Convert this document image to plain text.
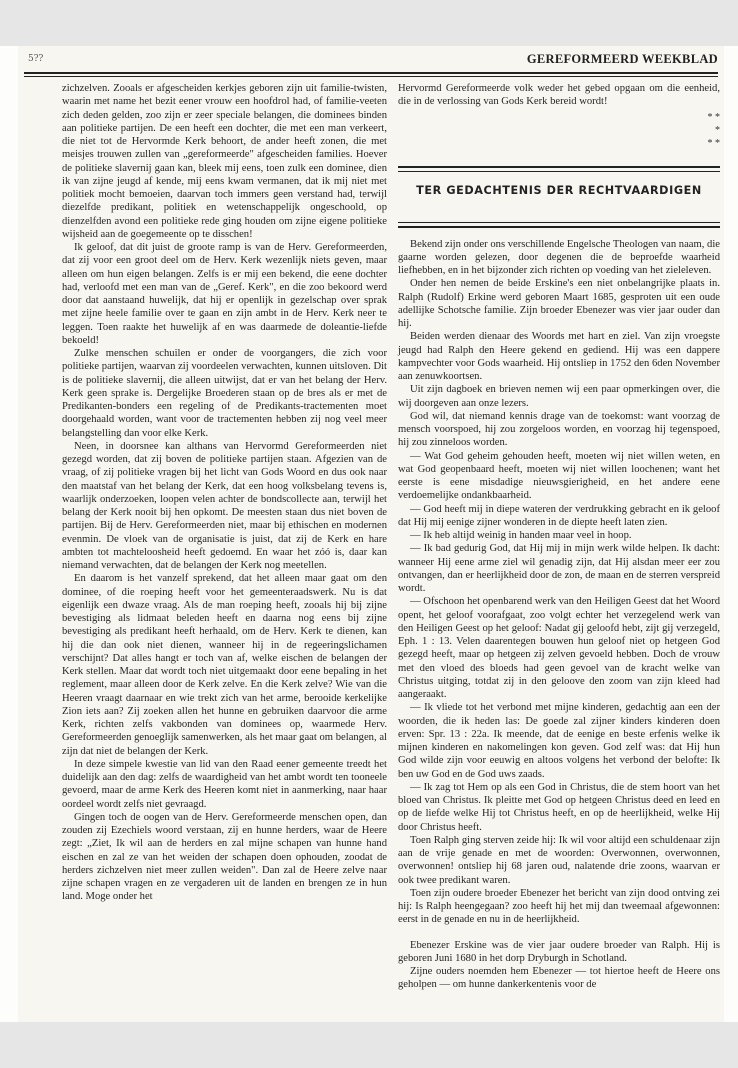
5??	GEREFORMEERD WEEKBLAD

zichzelven. Zooals er afgescheiden kerkjes geboren zijn uit familie-twisten, waarin met name het bezit eener vrouw een hoofdrol had, of familie-veeten zich deden gelden, zoo zijn er zeer speciale belangen, die dominees binden aan politieke partijen. De een heeft een dochter, die met een man verkeert, die niet tot de Hervormde Kerk behoort, de ander heeft zonen, die met meisjes trouwen zullen van „gereformeerde" afgescheiden families. Hoever de politieke slavernij gaan kan, bleek mij eens, toen zulk een dominee, dien ik van zijne jeugd af kende, mij eens kwam vermanen, dat ik mij niet met politiek mocht bemoeien, daarvan toch immers geen verstand had, terwijl diezelfde predikant, politiek en wetenschappelijk ongeschoold, op dienzelfden avond een politieke rede ging houden om zijne eigene politieke wijsheid aan de goegemeente op te disschen!

Ik geloof, dat dit juist de groote ramp is van de Herv. Gereformeerden, dat zij voor een groot deel om de Herv. Kerk wezenlijk niets geven, maar alleen om hun eigen belangen. Zelfs is er mij een bekend, die eene dochter had, verloofd met een man van de „Geref. Kerk", en die zoo bekoord werd door dat aanstaand huwelijk, dat hij er openlijk in gezelschap over sprak met zijne heele familie over te gaan en zijn ambt in de Herv. Kerk neer te leggen. Toen raakte het huwelijk af en was daarmede de doleantie-liefde bekoeld!

Zulke menschen schuilen er onder de voorgangers, die zich voor politieke partijen, waarvan zij voordeelen verwachten, kunnen uitsloven. Dit is de politieke slavernij, die alleen uitwijst, dat er van het belang der Herv. Kerk geen sprake is. Dergelijke Broederen staan op de bres als er met de Predikanten-bonders een regeling of de Predikants-tractementen moet doorgehaald worden, want voor de tractementen hebben zij nog veel meer belangstelling dan voor elke Kerk.

Neen, in doorsnee kan althans van Hervormd Gereformeerden niet gezegd worden, dat zij boven de politieke partijen staan. Afgezien van de vraag, of zij politieke vragen bij het licht van Gods Woord en dus ook naar den maatstaf van het belang der Kerk, dat een hoog volksbelang tevens is, waarlijk onderzoeken, loopen velen achter de bondscollecte aan, terwijl het belang der Kerk nooit bij hen opkomt. De meesten staan dus niet boven de partijen. Bij de Herv. Gereformeerden niet, maar bij ethischen en modernen evenmin. De vloek van de organisatie is juist, dat zij de Kerk en hare ambten tot machteloosheid heeft gedoemd. En waar het zóó is, daar kan niemand verwachten, dat de belangen der Kerk nog meetellen.

En daarom is het vanzelf sprekend, dat het alleen maar gaat om den dominee, of die roeping heeft voor het gemeenteraadswerk. Nu is dat eigenlijk een dwaze vraag. Als de man roeping heeft, zooals hij bij zijne bevestiging als lidmaat beleden heeft en daarna nog eens bij zijne bevestiging als predikant heeft herhaald, om de Herv. Kerk te dienen, kan hij die dan ook niet dienen, wanneer hij in de regeeringslichamen verschijnt? Dat alles hangt er toch van af, welke eischen de belangen der Kerk stellen. Maar dat wordt toch niet uitgemaakt door eene bepaling in het reglement, maar alleen door de Kerk zelve. En die Kerk zelve? Wie van die Heeren vraagt daarnaar en wie trekt zich van het arme, berooide kerkelijke Zion iets aan? Zij zoeken allen het hunne en gebruiken daarvoor die arme Kerk, richten zelfs vakbonden van dominees op, waarmede Herv. Gereformeerden genoeglijk samenwerken, als het maar gaat om belangen, al zijn dat niet de belangen der Kerk.

In deze simpele kwestie van lid van den Raad eener gemeente treedt het duidelijk aan den dag: zelfs de waardigheid van het ambt wordt ten tooneele gevoerd, maar de arme Kerk des Heeren komt niet in aanmerking, naar haar oordeel wordt zelfs niet gevraagd.

Gingen toch de oogen van de Herv. Gereformeerde menschen open, dan zouden zij Ezechiels woord verstaan, zij en hunne herders, waar de Heere zegt: „Ziet, Ik wil aan de herders en zal mijne schapen van hunne hand eischen en zal ze van het weiden der schapen doen ophouden, zoodat de herders zichzelven niet meer zullen weiden". Dan zal de Heere zelve naar zijne schapen vragen en ze vergaderen uit de landen en brengen ze in hun land. Moge onder het

Hervormd Gereformeerde volk weder het gebed opgaan om die eenheid, die in de verlossing van Gods Kerk bereid wordt!

* *
*
* *
TER GEDACHTENIS DER RECHTVAARDIGEN

Bekend zijn onder ons verschillende Engelsche Theologen van naam, die gaarne worden gelezen, door degenen die de beproefde waarheid liefhebben, en in het bijzonder zich richten op voeding van het zieleleven.

Onder hen nemen de beide Erskine's een niet onbelangrijke plaats in. Ralph (Rudolf) Erkine werd geboren Maart 1685, gesproten uit een oude adellijke Schotsche familie. Zijn broeder Ebenezer was vier jaar ouder dan hij.

Beiden werden dienaar des Woords met hart en ziel. Van zijn vroegste jeugd had Ralph den Heere gekend en gediend. Hij was een dappere kampvechter voor Gods waarheid. Hij ontsliep in 1752 den 6den November aan zenuwkoortsen.

Uit zijn dagboek en brieven nemen wij een paar opmerkingen over, die wij doorgeven aan onze lezers.

God wil, dat niemand kennis drage van de toekomst: want voorzag de mensch voorspoed, hij zou zorgeloos worden, en voorzag hij tegenspoed, hij zou zinneloos worden.

— Wat God geheim gehouden heeft, moeten wij niet willen weten, en wat God geopenbaard heeft, moeten wij niet willen loochenen; want het eerste is eene misdadige nieuwsgierigheid, en het andere eene verdoemelijke ondankbaarheid.

— God heeft mij in diepe wateren der verdrukking gebracht en ik geloof dat Hij mij eenige zijner wonderen in de diepte heeft laten zien.

— Ik heb altijd weinig in handen maar veel in hoop.

— Ik bad gedurig God, dat Hij mij in mijn werk wilde helpen. Ik dacht: wanneer Hij eene arme ziel wil genadig zijn, dat Hij alsdan meer eer zou ontvangen, dan er heerlijkheid door de zon, de maan en de sterren verspreid wordt.

— Ofschoon het openbarend werk van den Heiligen Geest dat het Woord opent, het geloof voorafgaat, zoo volgt echter het verzegelend werk van den Heiligen Geest op het geloof: Nadat gij geloofd hebt, zijt gij verzegeld, Eph. 1 : 13. Velen daarentegen bouwen hun geloof niet op hetgeen God gezegd heeft, maar op hetgeen zij zelven gevoeld hebben. Doch de vrouw met den vloed des bloeds had geen gevoel van de kracht welke van Christus uitging, totdat zij in den geloove den zoom van zijn kleed had aangeraakt.

— Ik vliede tot het verbond met mijne kinderen, gedachtig aan een der woorden, die ik heden las: De goede zal zijner kinders kinderen doen erven: Spr. 13 : 22a. Ik meende, dat de eenige en beste erfenis welke ik mijnen kinderen en nakomelingen kon geven. God zelf was: dat Hij hun God wilde zijn voor eeuwig en altoos volgens het verbond der belofte: Ik ben uw God en de God uws zaads.

— Ik zag tot Hem op als een God in Christus, die de stem hoort van het bloed van Christus. Ik pleitte met God op hetgeen Christus deed en leed en op de liefde welke Hij tot Christus heeft, en op de heerlijkheid, welke Hij door Christus heeft.

Toen Ralph ging sterven zeide hij: Ik wil voor altijd een schuldenaar zijn aan de vrije genade en met de woorden: Overwonnen, overwonnen, overwonnen! ontsliep hij 68 jaren oud, nalatende drie zoons, waarvan er ook twee predikant waren.

Toen zijn oudere broeder Ebenezer het bericht van zijn dood ontving zei hij: Is Ralph heengegaan? zoo heeft hij het mij dan tweemaal afgewonnen: eerst in de genade en nu in de heerlijkheid.

Ebenezer Erskine was de vier jaar oudere broeder van Ralph. Hij is geboren Juni 1680 in het dorp Dryburgh in Schotland.

Zijne ouders noemden hem Ebenezer — tot hiertoe heeft de Heere ons geholpen — om hunne dankerkentenis voor de
